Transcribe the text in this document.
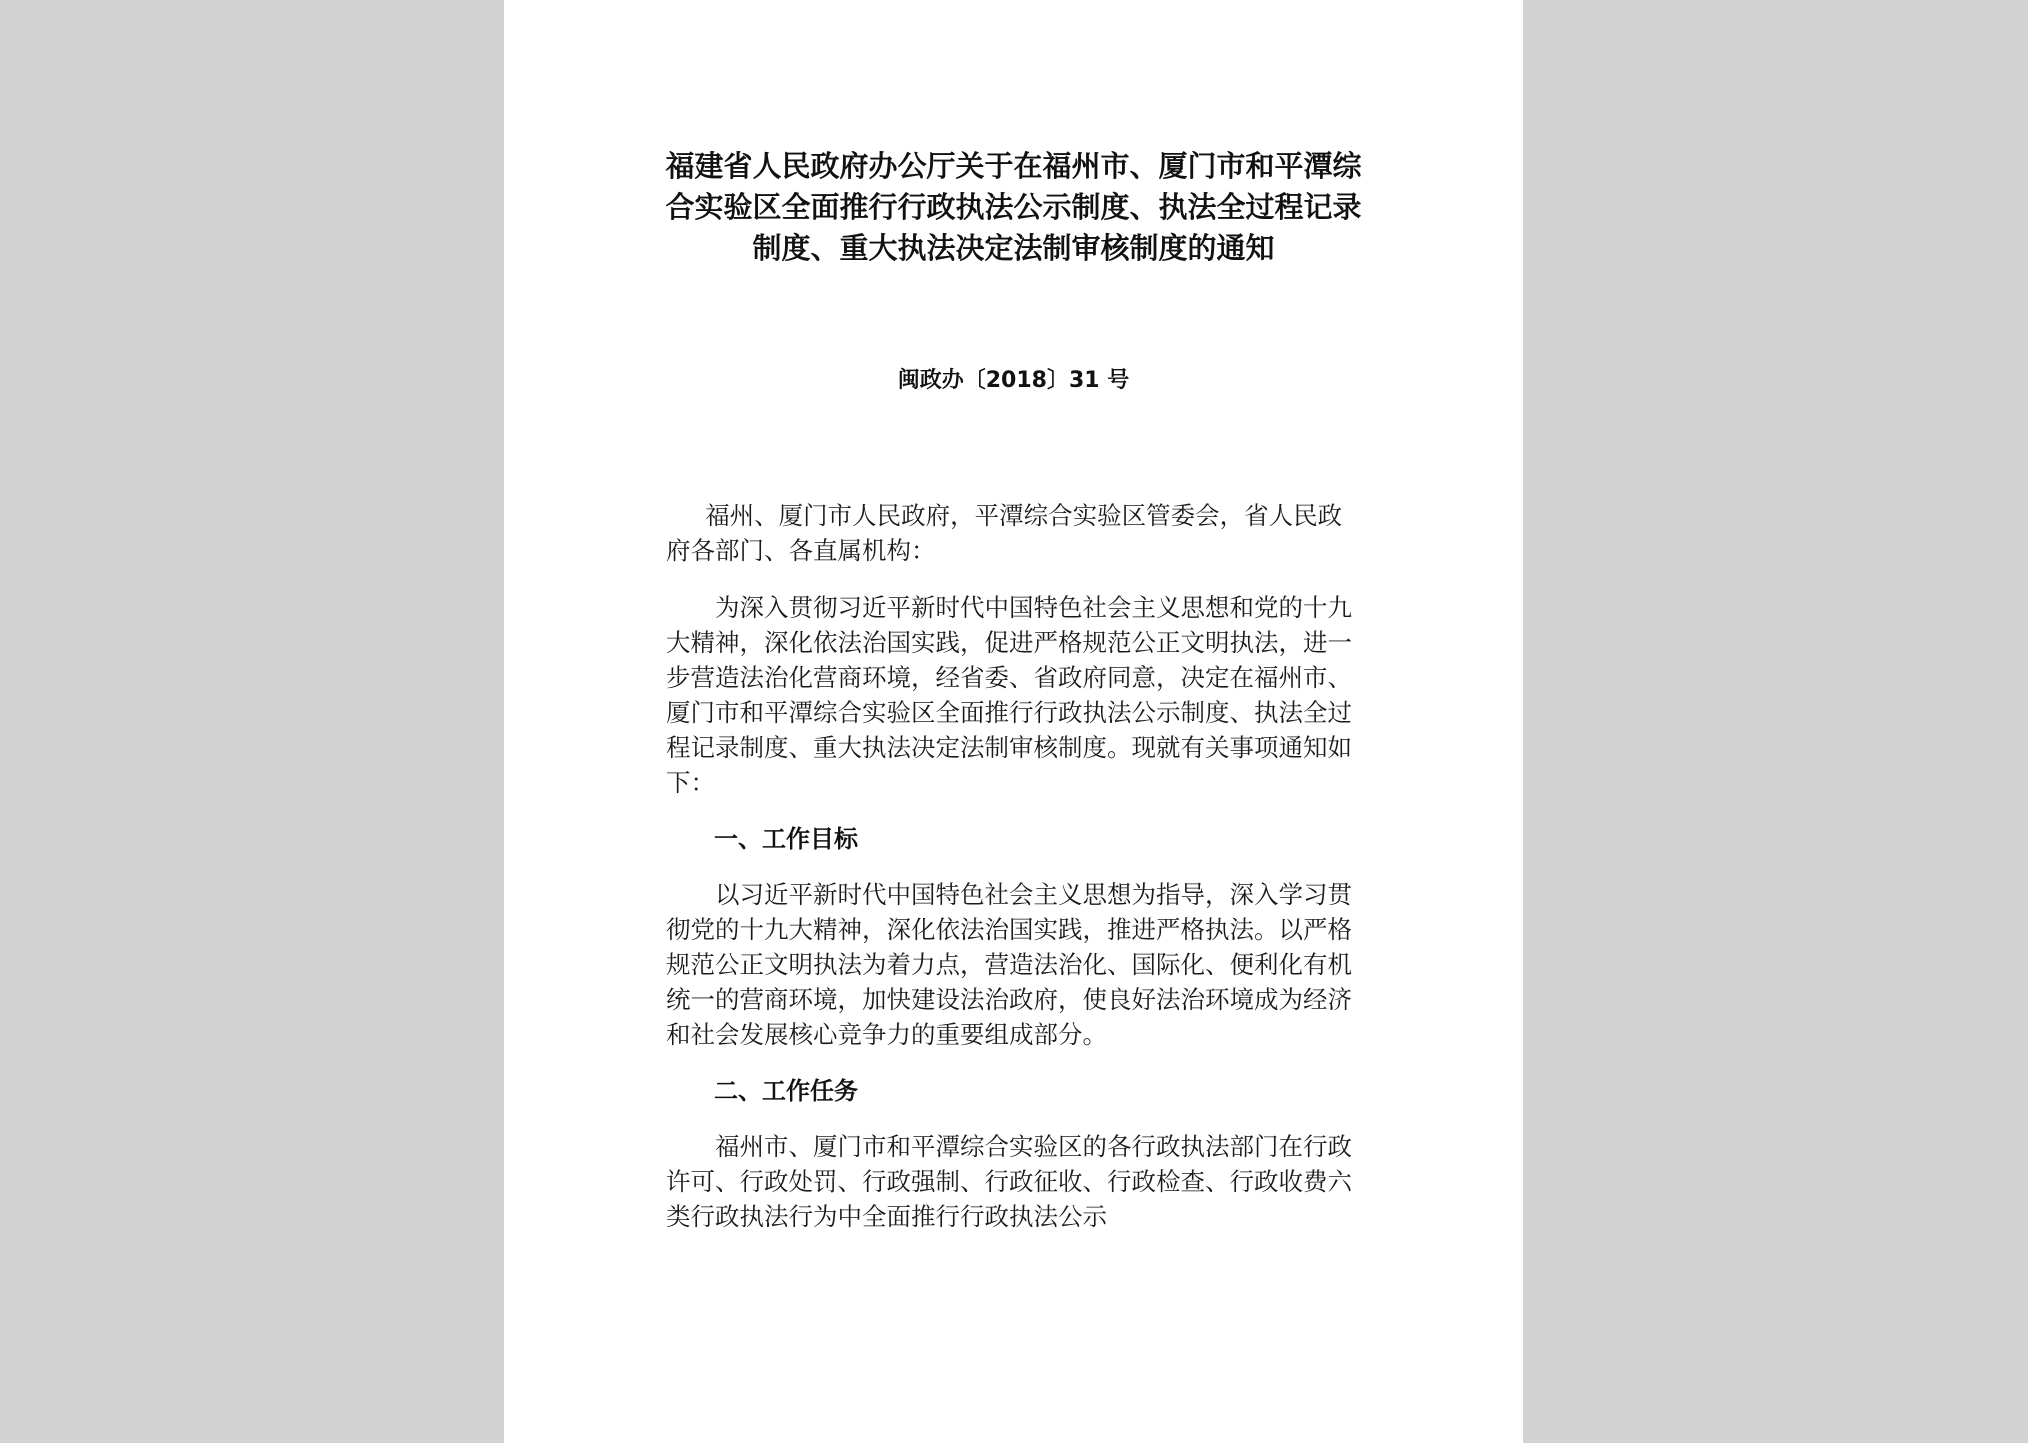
福建省人民政府办公厅关于在福州市、厦门市和平潭综合实验区全面推行行政执法公示制度、执法全过程记录制度、重大执法决定法制审核制度的通知
闽政办〔2018〕31 号

福州、厦门市人民政府，平潭综合实验区管委会，省人民政府各部门、各直属机构：

为深入贯彻习近平新时代中国特色社会主义思想和党的十九大精神，深化依法治国实践，促进严格规范公正文明执法，进一步营造法治化营商环境，经省委、省政府同意，决定在福州市、厦门市和平潭综合实验区全面推行行政执法公示制度、执法全过程记录制度、重大执法决定法制审核制度。现就有关事项通知如下：

一、工作目标

以习近平新时代中国特色社会主义思想为指导，深入学习贯彻党的十九大精神，深化依法治国实践，推进严格执法。以严格规范公正文明执法为着力点，营造法治化、国际化、便利化有机统一的营商环境，加快建设法治政府，使良好法治环境成为经济和社会发展核心竞争力的重要组成部分。

二、工作任务

福州市、厦门市和平潭综合实验区的各行政执法部门在行政许可、行政处罚、行政强制、行政征收、行政检查、行政收费六类行政执法行为中全面推行行政执法公示
